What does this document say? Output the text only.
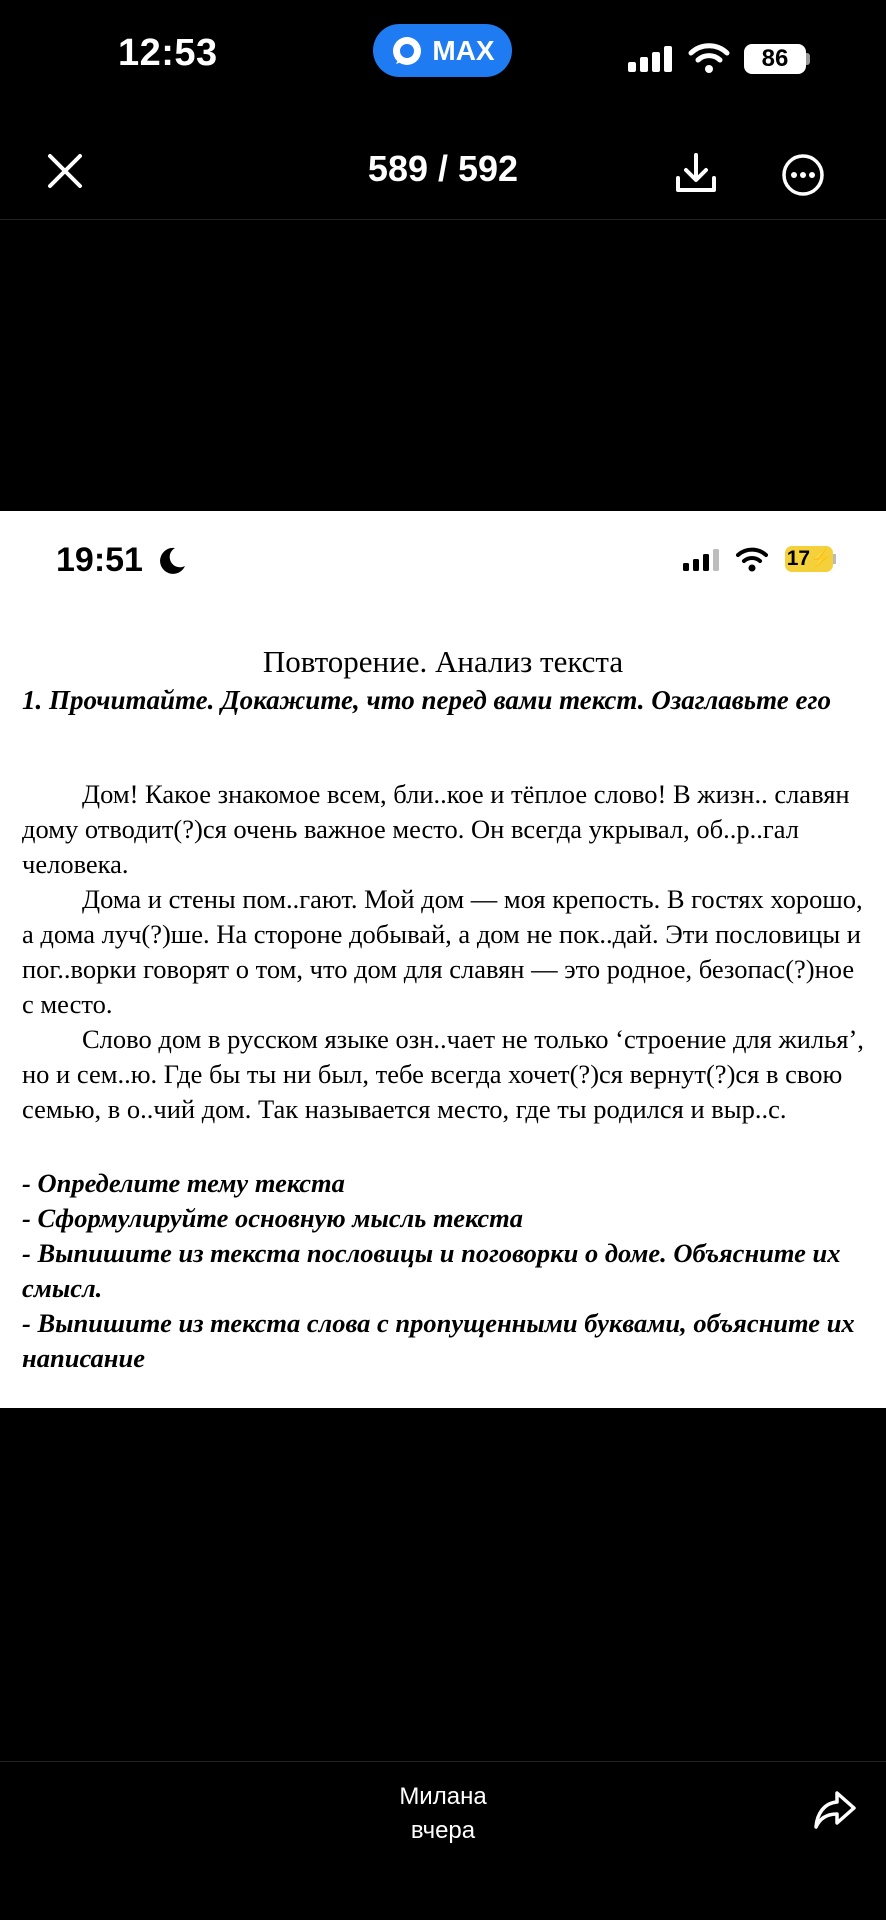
12:53	MAX	86
589 / 592
19:51	17 ⚡
Повторение. Анализ текста
1. Прочитайте. Докажите, что перед вами текст. Озаглавьте его

Дом! Какое знакомое всем, бли..кое и тёплое слово! В жизн.. славян дому отводит(?)ся очень важное место. Он всегда укрывал, об..р..гал человека.

Дома и стены пом..гают. Мой дом — моя крепость. В гостях хорошо, а дома луч(?)ше. На стороне добывай, а дом не пок..дай. Эти пословицы и пог..ворки говорят о том, что дом для славян — это родное, безопас(?)ное с место.

Слово дом в русском языке озн..чает не только ‘строение для жилья’, но и сем..ю. Где бы ты ни был, тебе всегда хочет(?)ся вернут(?)ся в свою семью, в о..чий дом. Так называется место, где ты родился и выр..с.

- Определите тему текста
- Сформулируйте основную мысль текста
- Выпишите из текста пословицы и поговорки о доме. Объясните их смысл.
- Выпишите из текста слова с пропущенными буквами, объясните их написание
Милана
вчера
